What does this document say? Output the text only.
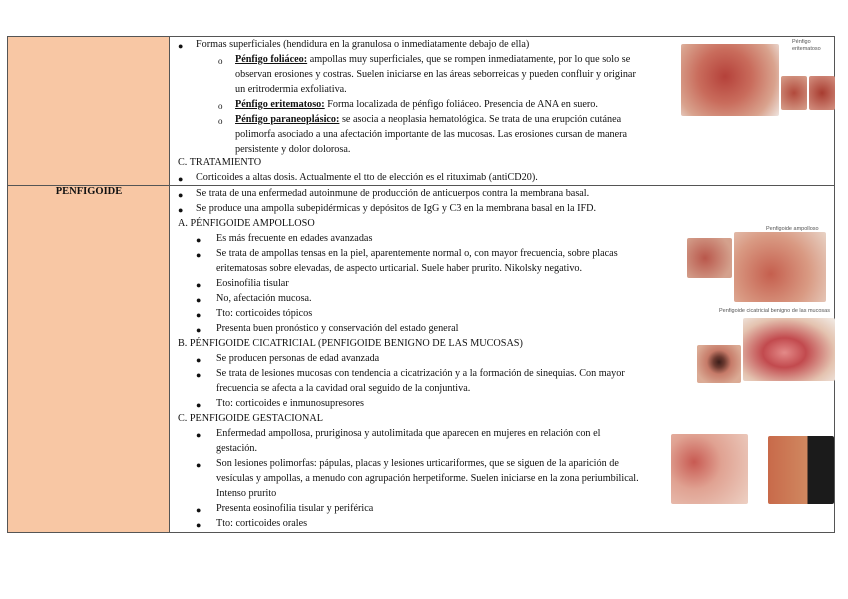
PENFIGOIDE
● Formas superficiales (hendidura en la granulosa o inmediatamente debajo de ella)
o Pénfigo foliáceo: ampollas muy superficiales, que se rompen inmediatamente, por lo que solo se
observan erosiones y costras. Suelen iniciarse en las áreas seborreicas y pueden confluir y originar
un eritrodermia exfoliativa.
o Pénfigo eritematoso: Forma localizada de pénfigo foliáceo. Presencia de ANA en suero.
o Pénfigo paraneoplásico: se asocia a neoplasia hematológica. Se trata de una erupción cutánea
polimorfa asociado a una afectación importante de las mucosas. Las erosiones cursan de manera
persistente y dolor dolorosa.
C. TRATAMIENTO
● Corticoides a altas dosis. Actualmente el tto de elección es el rituximab (antiCD20).
● Se trata de una enfermedad autoinmune de producción de anticuerpos contra la membrana basal.
● Se produce una ampolla subepidérmicas y depósitos de IgG y C3 en la membrana basal en la IFD.
A. PÉNFIGOIDE AMPOLLOSO
● Es más frecuente en edades avanzadas
● Se trata de ampollas tensas en la piel, aparentemente normal o, con mayor frecuencia, sobre placas
eritematosas sobre elevadas, de aspecto urticarial. Suele haber prurito. Nikolsky negativo.
● Eosinofilia tisular
● No, afectación mucosa.
● Tto: corticoides tópicos
● Presenta buen pronóstico y conservación del estado general
B. PÉNFIGOIDE CICATRICIAL (PENFIGOIDE BENIGNO DE LAS MUCOSAS)
● Se producen personas de edad avanzada
● Se trata de lesiones mucosas con tendencia a cicatrización y a la formación de sinequias. Con mayor
frecuencia se afecta a la cavidad oral seguido de la conjuntiva.
● Tto: corticoides e inmunosupresores
C. PENFIGOIDE GESTACIONAL
● Enfermedad ampollosa, pruriginosa y autolimitada que aparecen en mujeres en relación con el
gestación.
● Son lesiones polimorfas: pápulas, placas y lesiones urticariformes, que se siguen de la aparición de
vesículas y ampollas, a menudo con agrupación herpetiforme. Suelen iniciarse en la zona periumbilical.
Intenso prurito
● Presenta eosinofilia tisular y periférica
● Tto: corticoides orales
Pénfigo
eritematoso
Penfigoide ampolloso
Penfigoide cicatricial benigno de las mucosas
